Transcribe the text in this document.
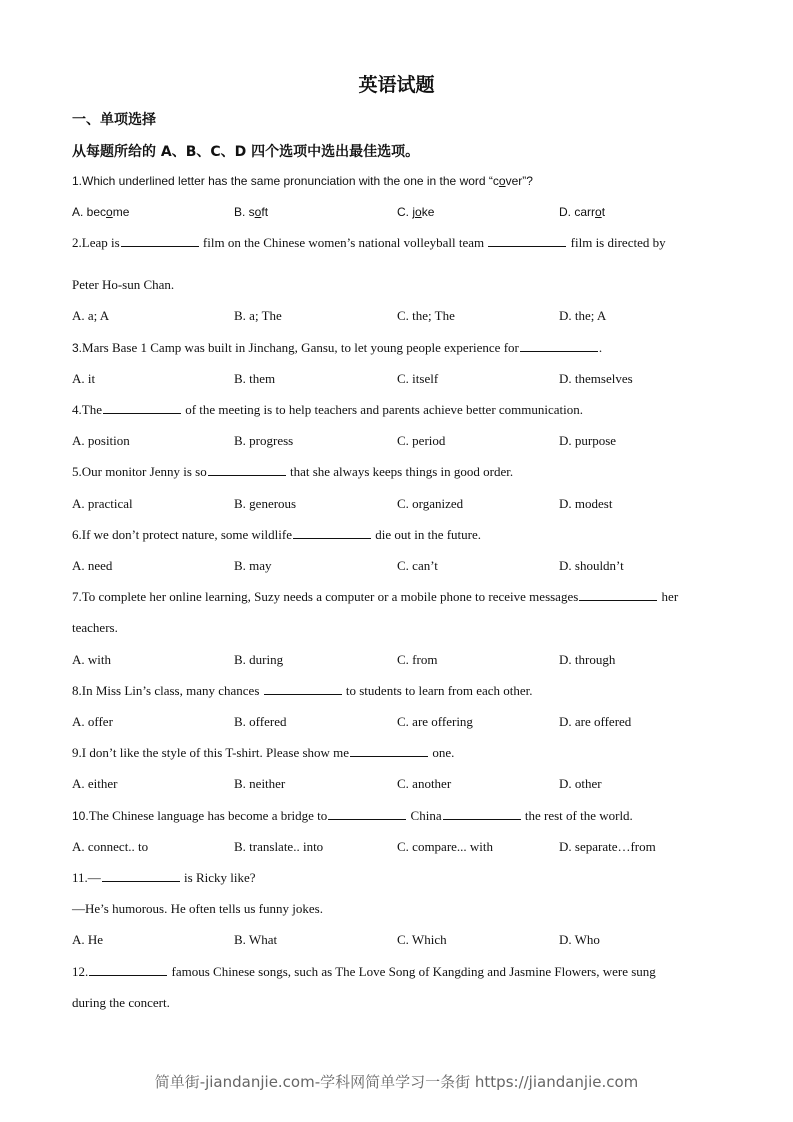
英语试题
一、单项选择
从每题所给的 A、B、C、D 四个选项中选出最佳选项。
1.Which underlined letter has the same pronunciation with the one in the word “cover”?
A. become	B. soft	C. joke	D. carrot
2.Leap is	film on the Chinese women’s national volleyball team	film is directed by
Peter Ho-sun Chan.
A. a; A	B. a; The	C. the; The	D. the; A
3.Mars Base 1 Camp was built in Jinchang, Gansu, to let young people experience for	.
A. it	B. them	C. itself	D. themselves
4.The	of the meeting is to help teachers and parents achieve better communication.
A. position	B. progress	C. period	D. purpose
5.Our monitor Jenny is so	that she always keeps things in good order.
A. practical	B. generous	C. organized	D. modest
6.If we don’t protect nature, some wildlife	die out in the future.
A. need	B. may	C. can’t	D. shouldn’t
7.To complete her online learning, Suzy needs a computer or a mobile phone to receive messages	her
teachers.
A. with	B. during	C. from	D. through
8.In Miss Lin’s class, many chances	to students to learn from each other.
A. offer	B. offered	C. are offering	D. are offered
9.I don’t like the style of this T-shirt. Please show me	one.
A. either	B. neither	C. another	D. other
10.The Chinese language has become a bridge to	China	the rest of the world.
A. connect.. to	B. translate.. into	C. compare... with	D. separate…from
11.—	is Ricky like?
—He’s humorous. He often tells us funny jokes.
A. He	B. What	C. Which	D. Who
12.	famous Chinese songs, such as The Love Song of Kangding and Jasmine Flowers, were sung
during the concert.
简单街-jiandanjie.com-学科网简单学习一条街 https://jiandanjie.com
